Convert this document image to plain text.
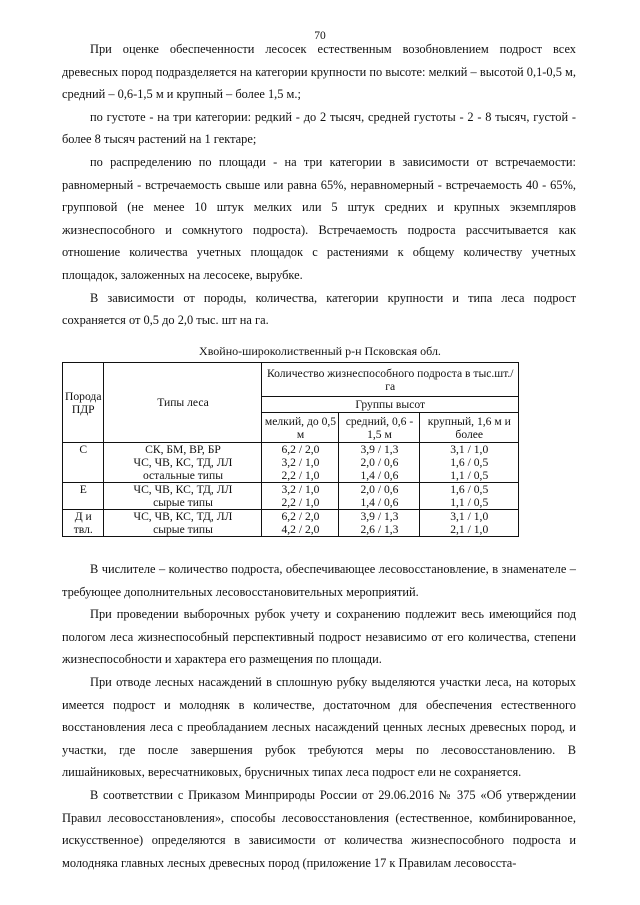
70

При оценке обеспеченности лесосек естественным возобновлением подрост всех древесных пород подразделяется на категории крупности по высоте: мелкий – высотой 0,1-0,5 м, средний – 0,6-1,5 м и крупный – более 1,5 м.;

по густоте - на три категории: редкий - до 2 тысяч, средней густоты - 2 - 8 тысяч, густой - более 8 тысяч растений на 1 гектаре;

по распределению по площади - на три категории в зависимости от встречаемости: равномерный - встречаемость свыше или равна 65%, неравномерный - встречаемость 40 - 65%, групповой (не менее 10 штук мелких или 5 штук средних и крупных экземпляров жизнеспособного и сомкнутого подроста). Встречаемость подроста рассчитывается как отношение количества учетных площадок с растениями к общему количеству учетных площадок, заложенных на лесосеке, вырубке.

В зависимости от породы, количества, категории крупности и типа леса подрост сохраняется от 0,5 до 2,0 тыс. шт на га.

Хвойно-широколиственный р-н Псковская обл.
Порода ПДР	Типы леса	Количество жизнеспособного подроста в тыс.шт./га		
		Группы высот		
		мелкий, до 0,5 м	средний, 0,6 - 1,5 м	крупный, 1,6 м и более
С	СК, БМ, ВР, БР	6,2 / 2,0	3,9 / 1,3	3,1 / 1,0
	ЧС, ЧВ, КС, ТД, ЛЛ	3,2 / 1,0	2,0 / 0,6	1,6 / 0,5
	остальные типы	2,2 / 1,0	1,4 / 0,6	1,1 / 0,5
Е	ЧС, ЧВ, КС, ТД, ЛЛ	3,2 / 1,0	2,0 / 0,6	1,6 / 0,5
	сырые типы	2,2 / 1,0	1,4 / 0,6	1,1 / 0,5
Д и	ЧС, ЧВ, КС, ТД, ЛЛ	6,2 / 2,0	3,9 / 1,3	3,1 / 1,0
твл.	сырые типы	4,2 / 2,0	2,6 / 1,3	2,1 / 1,0

В числителе – количество подроста, обеспечивающее лесовосстановление, в знаменателе – требующее дополнительных лесовосстановительных мероприятий.

При проведении выборочных рубок учету и сохранению подлежит весь имеющийся под пологом леса жизнеспособный перспективный подрост независимо от его количества, степени жизнеспособности и характера его размещения по площади.

При отводе лесных насаждений в сплошную рубку выделяются участки леса, на которых имеется подрост и молодняк в количестве, достаточном для обеспечения естественного восстановления леса с преобладанием лесных насаждений ценных лесных древесных пород, и участки, где после завершения рубок требуются меры по лесовосстановлению. В лишайниковых, вересчатниковых, брусничных типах леса подрост ели не сохраняется.

В соответствии с Приказом Минприроды России от 29.06.2016 № 375 «Об утверждении Правил лесовосстановления», способы лесовосстановления (естественное, комбинированное, искусственное) определяются в зависимости от количества жизнеспособного подроста и молодняка главных лесных древесных пород (приложение 17 к Правилам лесовосста-
